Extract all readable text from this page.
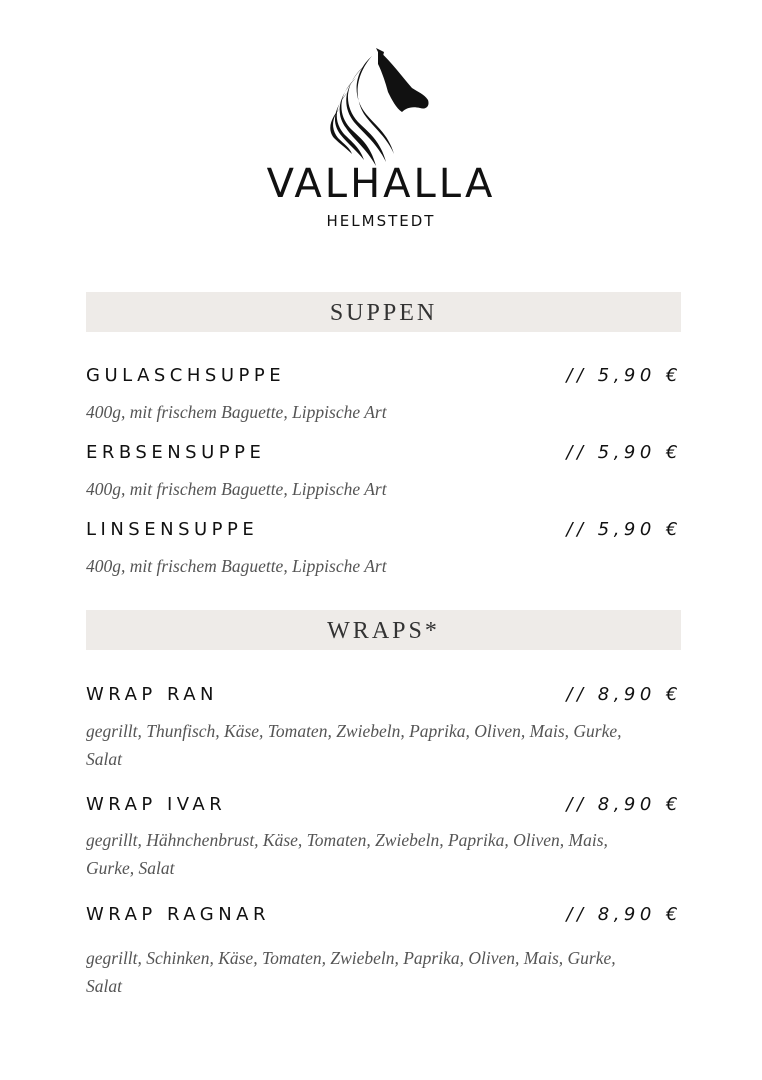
VALHALLA
HELMSTEDT
SUPPEN
GULASCHSUPPE	// 5,90 €
400g, mit frischem Baguette, Lippische Art
ERBSENSUPPE	// 5,90 €
400g, mit frischem Baguette, Lippische Art
LINSENSUPPE	// 5,90 €
400g, mit frischem Baguette, Lippische Art
WRAPS*
WRAP RAN	// 8,90 €
gegrillt, Thunfisch, Käse, Tomaten, Zwiebeln, Paprika, Oliven, Mais, Gurke, Salat
WRAP IVAR	// 8,90 €
gegrillt, Hähnchenbrust, Käse, Tomaten, Zwiebeln, Paprika, Oliven, Mais, Gurke, Salat
WRAP RAGNAR	// 8,90 €
gegrillt, Schinken, Käse, Tomaten, Zwiebeln, Paprika, Oliven, Mais, Gurke, Salat
